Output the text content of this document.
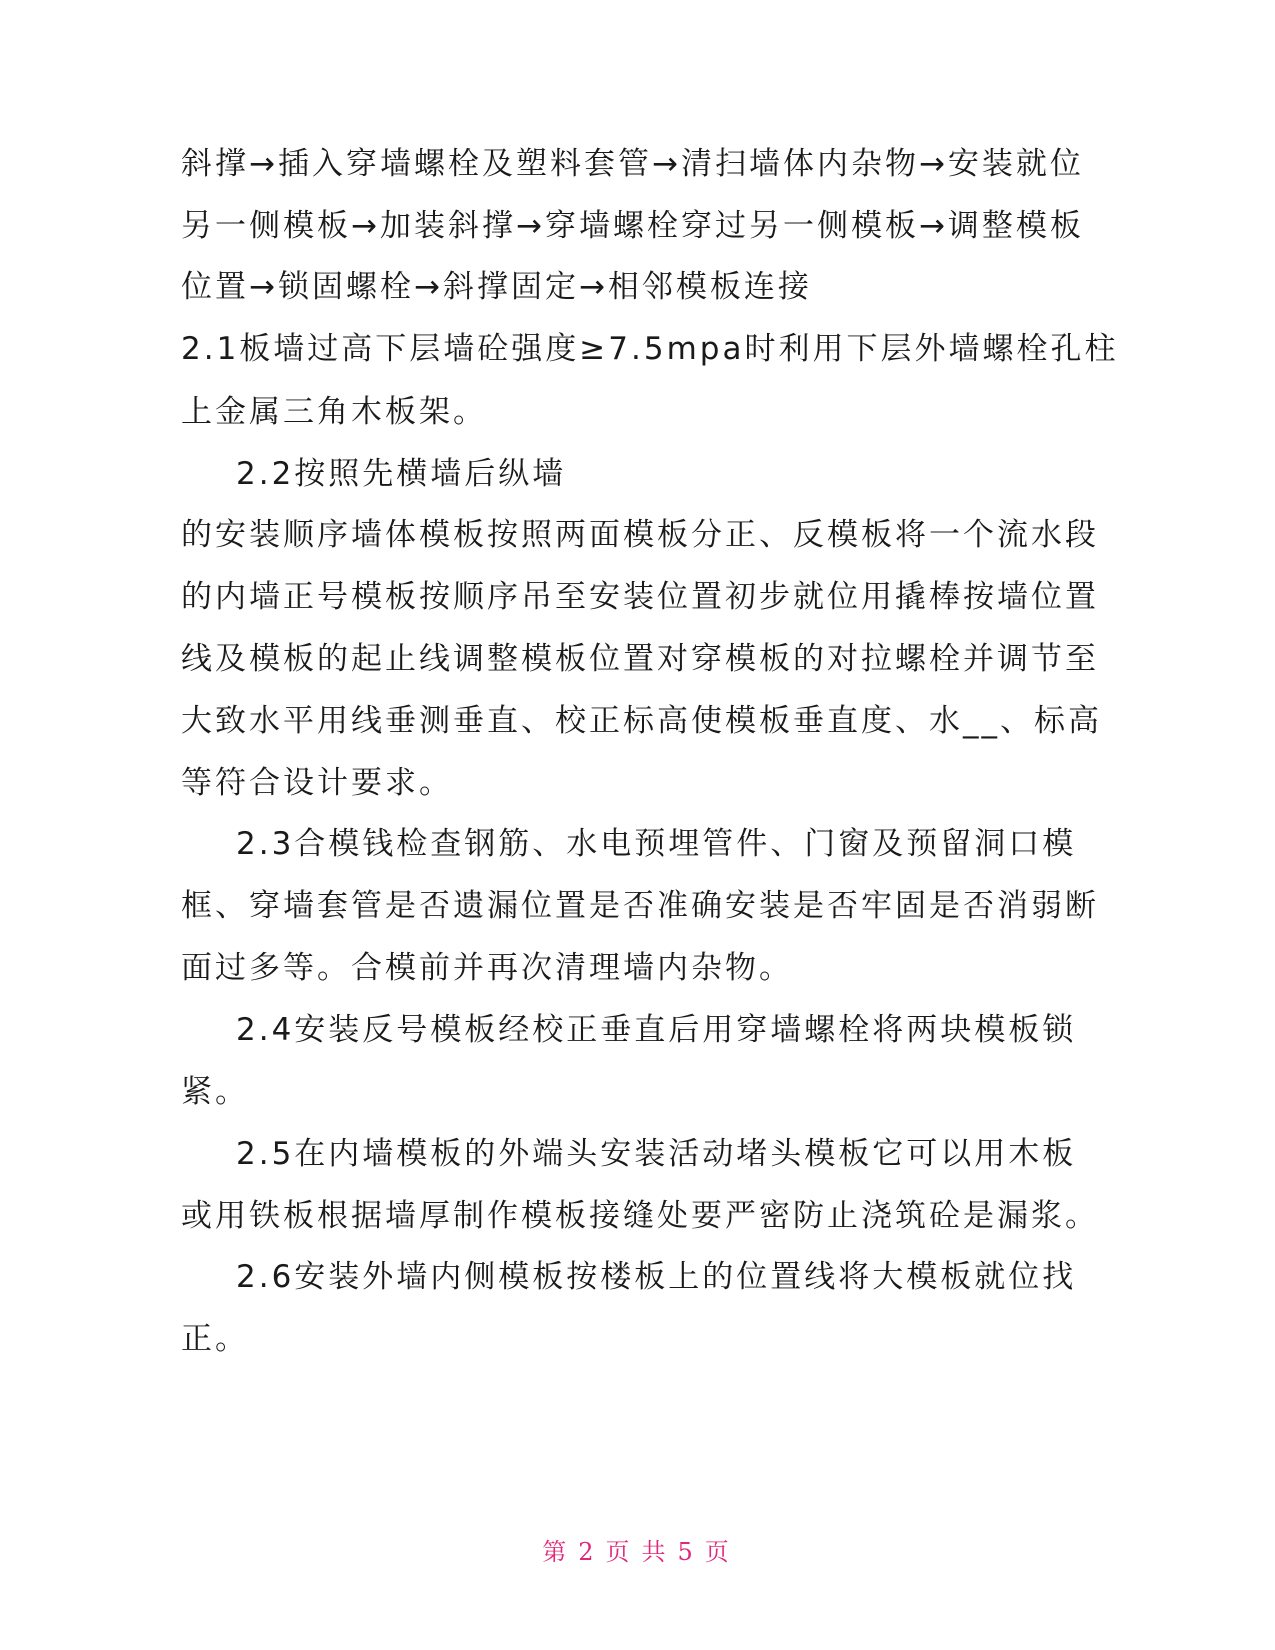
斜撑→插入穿墙螺栓及塑料套管→清扫墙体内杂物→安装就位
另一侧模板→加装斜撑→穿墙螺栓穿过另一侧模板→调整模板
位置→锁固螺栓→斜撑固定→相邻模板连接
2.1板墙过高下层墙砼强度≥7.5mpa时利用下层外墙螺栓孔柱
上金属三角木板架。
2.2按照先横墙后纵墙
的安装顺序墙体模板按照两面模板分正、反模板将一个流水段
的内墙正号模板按顺序吊至安装位置初步就位用撬棒按墙位置
线及模板的起止线调整模板位置对穿模板的对拉螺栓并调节至
大致水平用线垂测垂直、校正标高使模板垂直度、水__、标高
等符合设计要求。
2.3合模钱检查钢筋、水电预埋管件、门窗及预留洞口模
框、穿墙套管是否遗漏位置是否准确安装是否牢固是否消弱断
面过多等。合模前并再次清理墙内杂物。
2.4安装反号模板经校正垂直后用穿墙螺栓将两块模板锁
紧。
2.5在内墙模板的外端头安装活动堵头模板它可以用木板
或用铁板根据墙厚制作模板接缝处要严密防止浇筑砼是漏浆。
2.6安装外墙内侧模板按楼板上的位置线将大模板就位找
正。
第 2 页 共 5 页
